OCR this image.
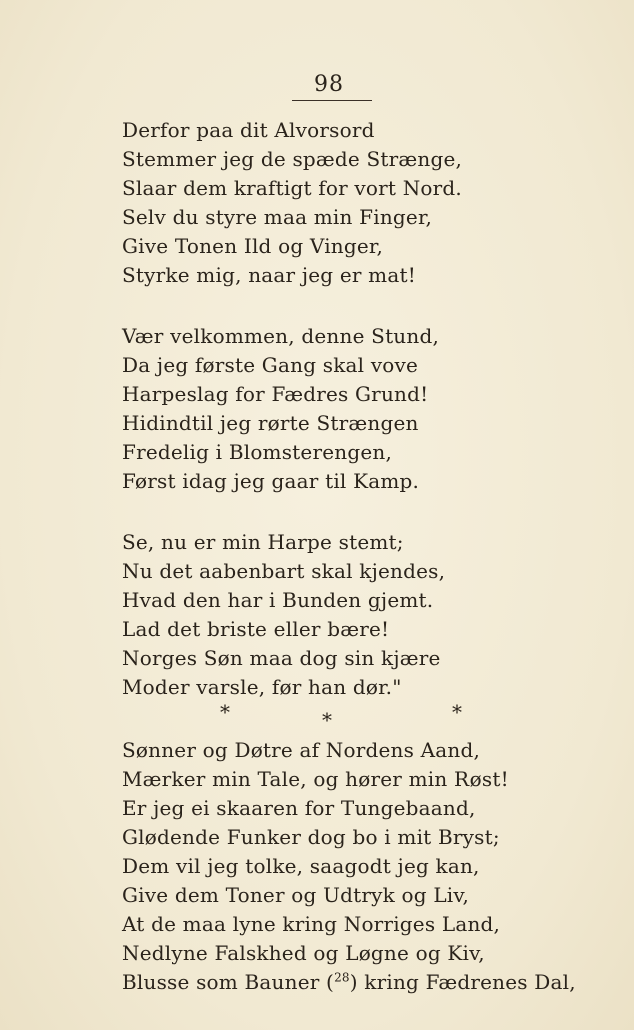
98
Derfor paa dit Alvorsord
Stemmer jeg de spæde Strænge,
Slaar dem kraftigt for vort Nord.
Selv du styre maa min Finger,
Give Tonen Ild og Vinger,
Styrke mig, naar jeg er mat!
Vær velkommen, denne Stund,
Da jeg første Gang skal vove
Harpeslag for Fædres Grund!
Hidindtil jeg rørte Strængen
Fredelig i Blomsterengen,
Først idag jeg gaar til Kamp.
Se, nu er min Harpe stemt;
Nu det aabenbart skal kjendes,
Hvad den har i Bunden gjemt.
Lad det briste eller bære!
Norges Søn maa dog sin kjære
Moder varsle, før han dør."
*	*	*
Sønner og Døtre af Nordens Aand,
Mærker min Tale, og hører min Røst!
Er jeg ei skaaren for Tungebaand,
Glødende Funker dog bo i mit Bryst;
Dem vil jeg tolke, saagodt jeg kan,
Give dem Toner og Udtryk og Liv,
At de maa lyne kring Norriges Land,
Nedlyne Falskhed og Løgne og Kiv,
Blusse som Bauner ($^{28}$) kring Fædrenes Dal,
